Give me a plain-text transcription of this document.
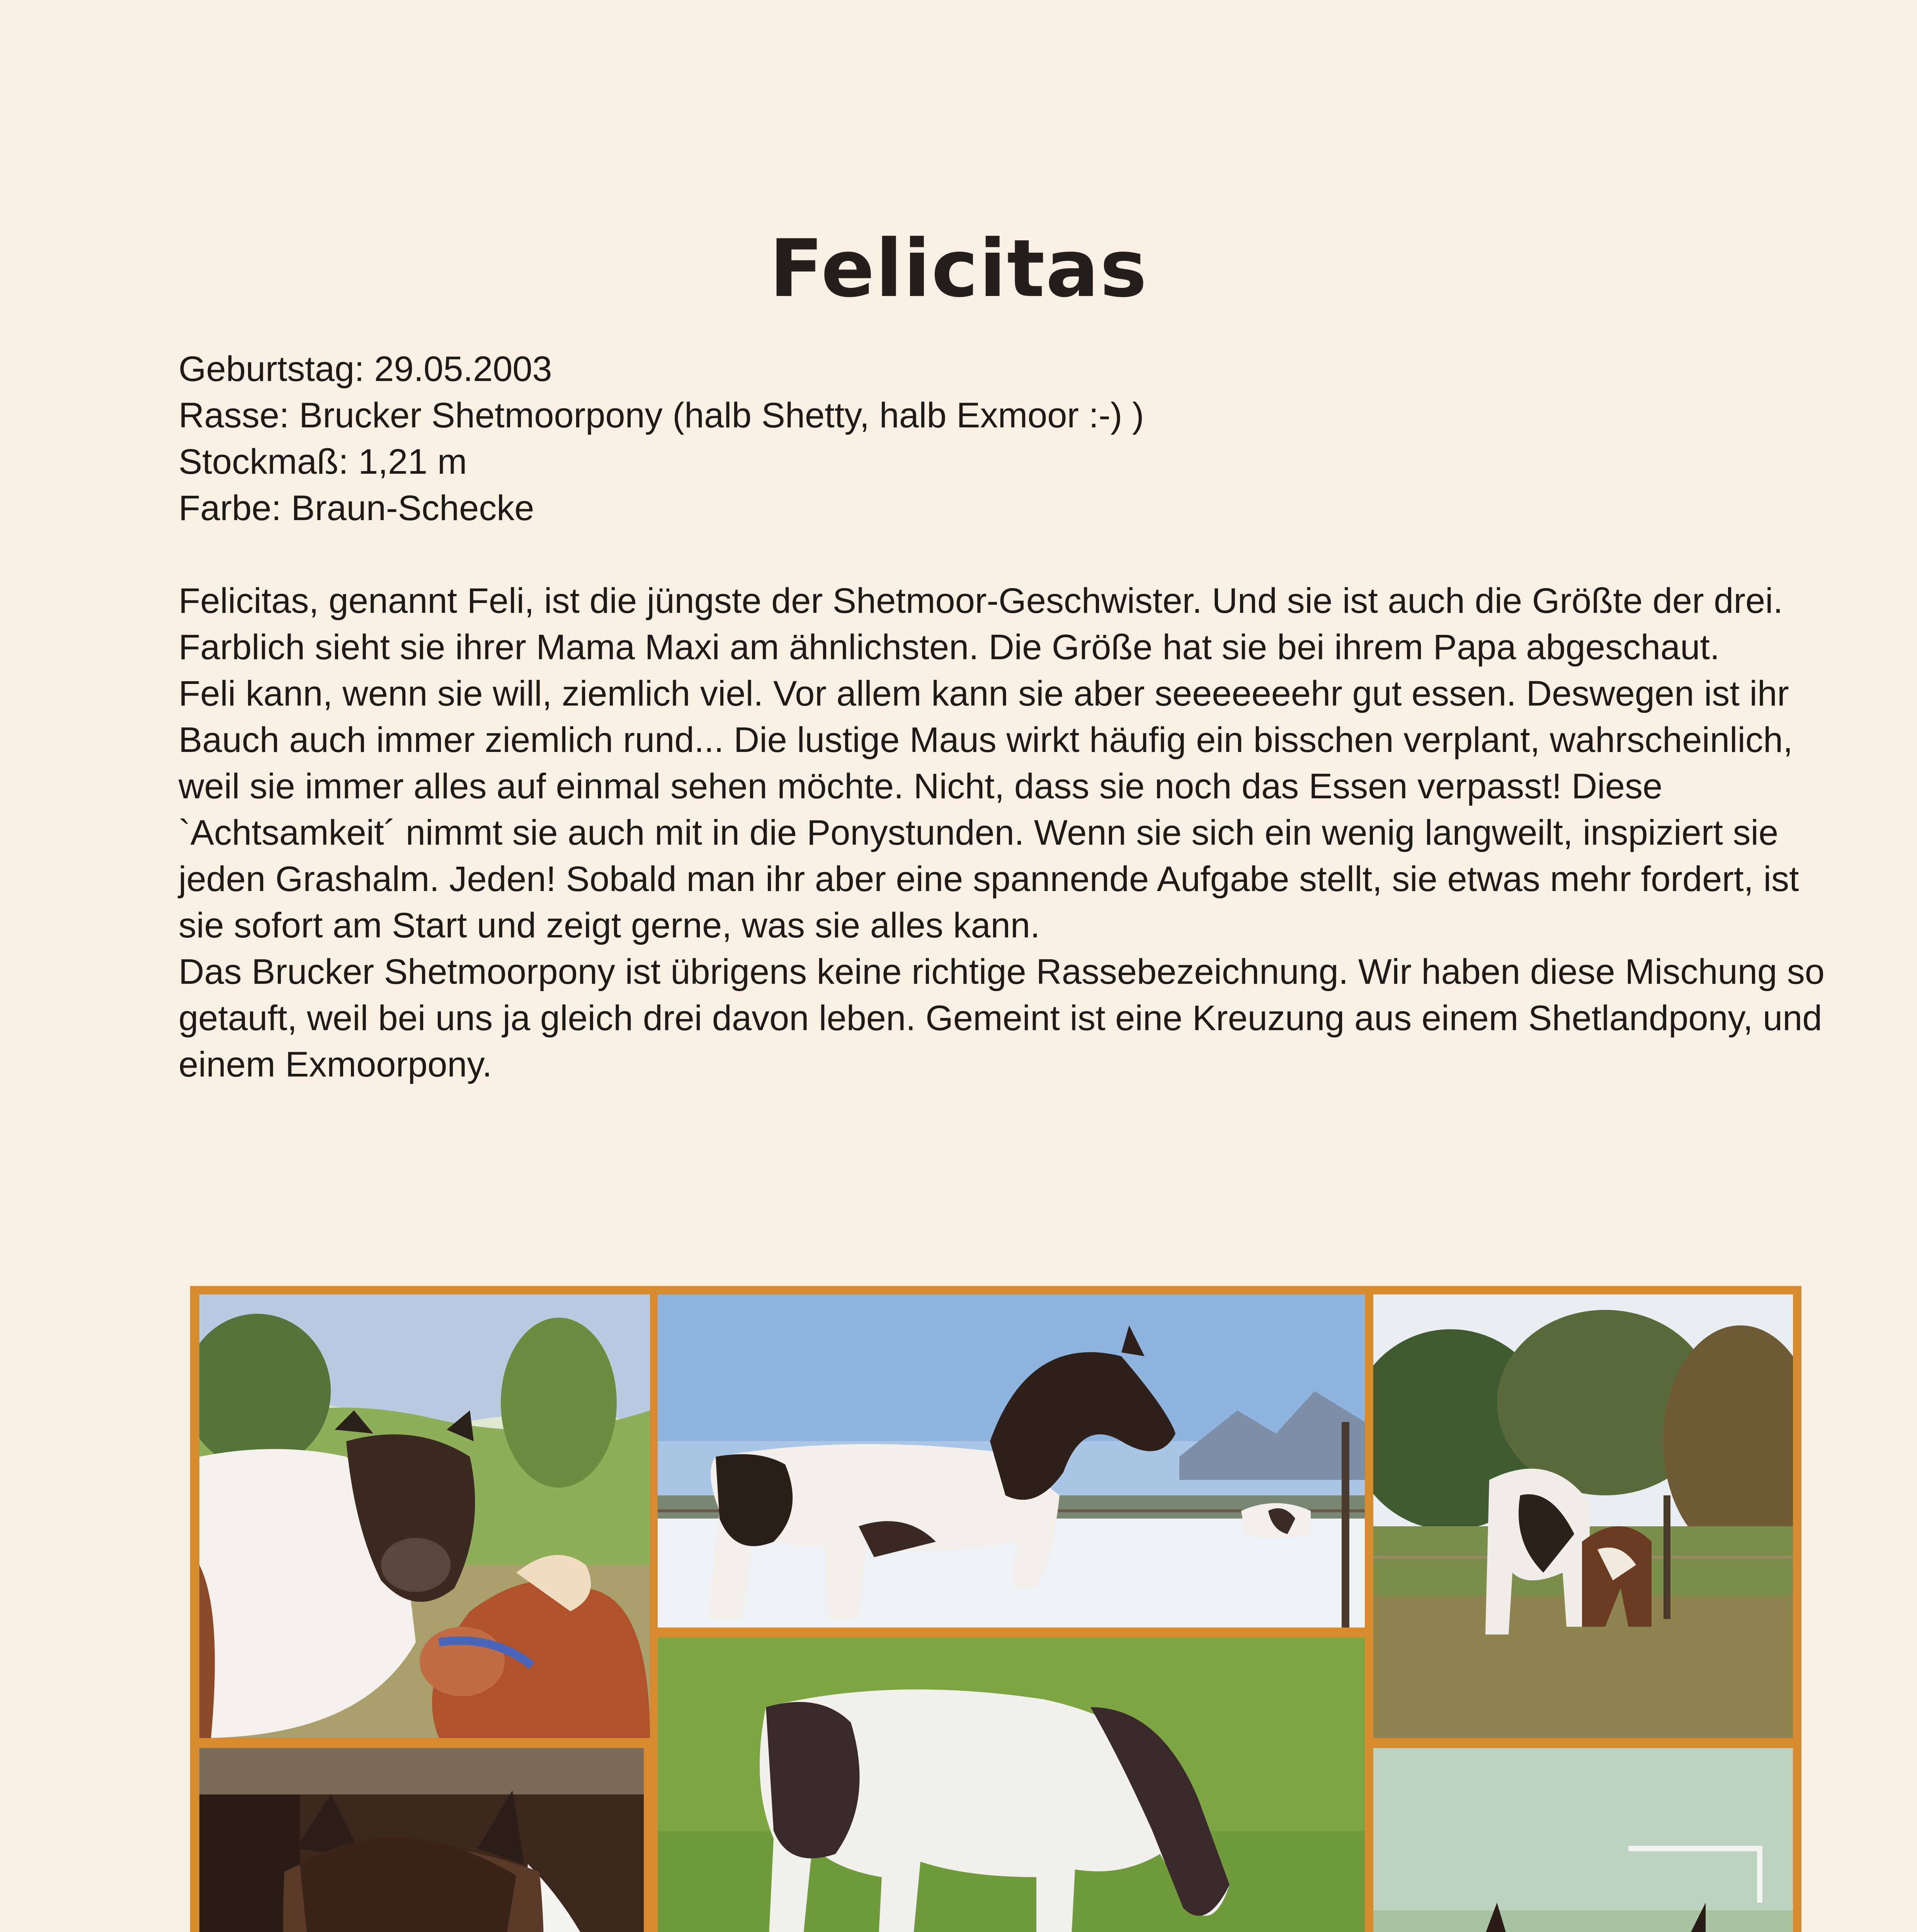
Felicitas
Geburtstag: 29.05.2003
Rasse: Brucker Shetmoorpony (halb Shetty, halb Exmoor :-) )
Stockmaß: 1,21 m
Farbe: Braun-Schecke

Felicitas, genannt Feli, ist die jüngste der Shetmoor-Geschwister. Und sie ist auch die Größte der drei. Farblich sieht sie ihrer Mama Maxi am ähnlichsten. Die Größe hat sie bei ihrem Papa abgeschaut.

Feli kann, wenn sie will, ziemlich viel. Vor allem kann sie aber seeeeeeehr gut essen. Deswegen ist ihr Bauch auch immer ziemlich rund... Die lustige Maus wirkt häufig ein bisschen verplant, wahrscheinlich, weil sie immer alles auf einmal sehen möchte. Nicht, dass sie noch das Essen verpasst! Diese `Achtsamkeit´ nimmt sie auch mit in die Ponystunden. Wenn sie sich ein wenig langweilt, inspiziert sie jeden Grashalm. Jeden! Sobald man ihr aber eine spannende Aufgabe stellt, sie etwas mehr fordert, ist sie sofort am Start und zeigt gerne, was sie alles kann.

Das Brucker Shetmoorpony ist übrigens keine richtige Rassebezeichnung. Wir haben diese Mischung so getauft, weil bei uns ja gleich drei davon leben. Gemeint ist eine Kreuzung aus einem Shetlandpony, und einem Exmoorpony.
